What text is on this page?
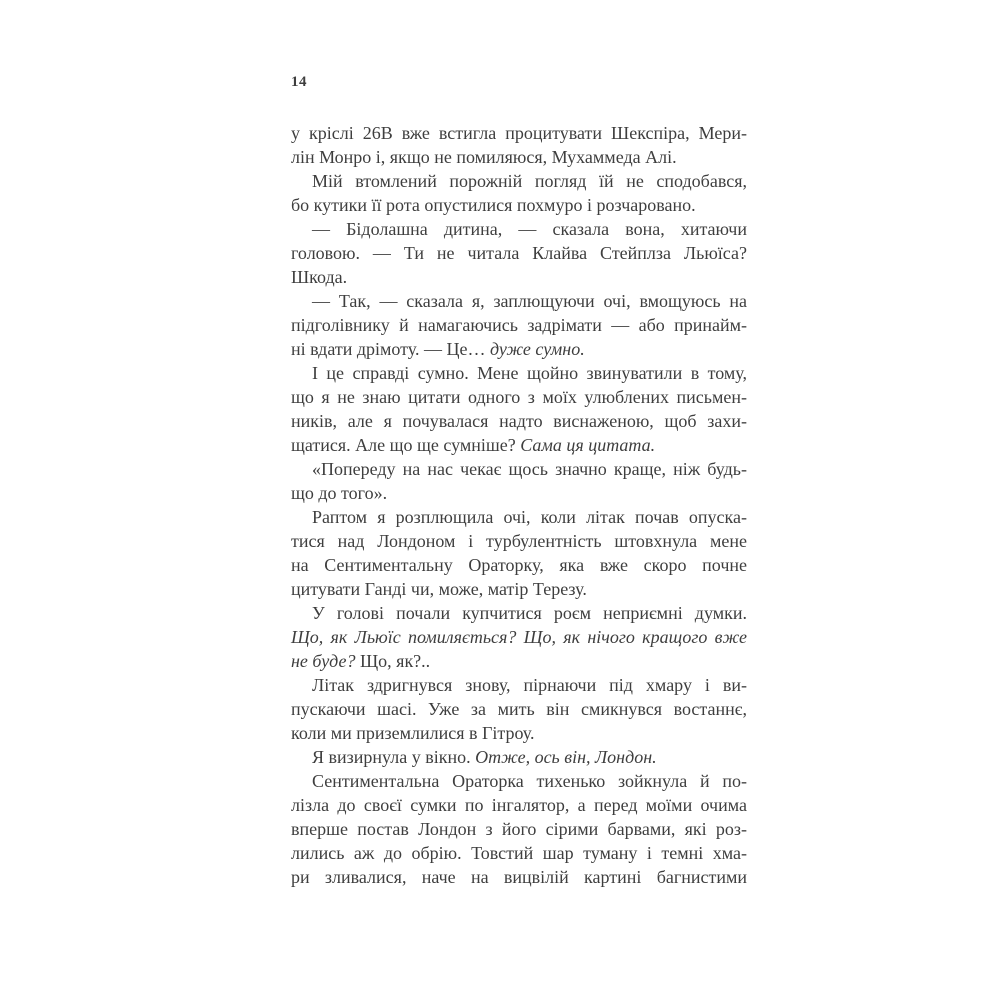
14
у кріслі 26В вже встигла процитувати Шекспіра, Мери-
лін Монро і, якщо не помиляюся, Мухаммеда Алі.
Мій втомлений порожній погляд їй не сподобався,
бо кутики її рота опустилися похмуро і розчаровано.
— Бідолашна дитина, — сказала вона, хитаючи
головою. — Ти не читала Клайва Стейплза Льюїса?
Шкода.
— Так, — сказала я, заплющуючи очі, вмощуюсь на
підголівнику й намагаючись задрімати — або принайм-
ні вдати дрімоту. — Це… дуже сумно.
І це справді сумно. Мене щойно звинуватили в тому,
що я не знаю цитати одного з моїх улюблених письмен-
ників, але я почувалася надто виснаженою, щоб захи-
щатися. Але що ще сумніше? Сама ця цитата.
«Попереду на нас чекає щось значно краще, ніж будь-
що до того».
Раптом я розплющила очі, коли літак почав опуска-
тися над Лондоном і турбулентність штовхнула мене
на Сентиментальну Ораторку, яка вже скоро почне
цитувати Ганді чи, може, матір Терезу.
У голові почали купчитися роєм неприємні думки.
Що, як Льюїс помиляється? Що, як нічого кращого вже
не буде? Що, як?..
Літак здригнувся знову, пірнаючи під хмару і ви-
пускаючи шасі. Уже за мить він смикнувся востаннє,
коли ми приземлилися в Гітроу.
Я визирнула у вікно. Отже, ось він, Лондон.
Сентиментальна Ораторка тихенько зойкнула й по-
лізла до своєї сумки по інгалятор, а перед моїми очима
вперше постав Лондон з його сірими барвами, які роз-
лились аж до обрію. Товстий шар туману і темні хма-
ри зливалися, наче на вицвілій картині багнистими
